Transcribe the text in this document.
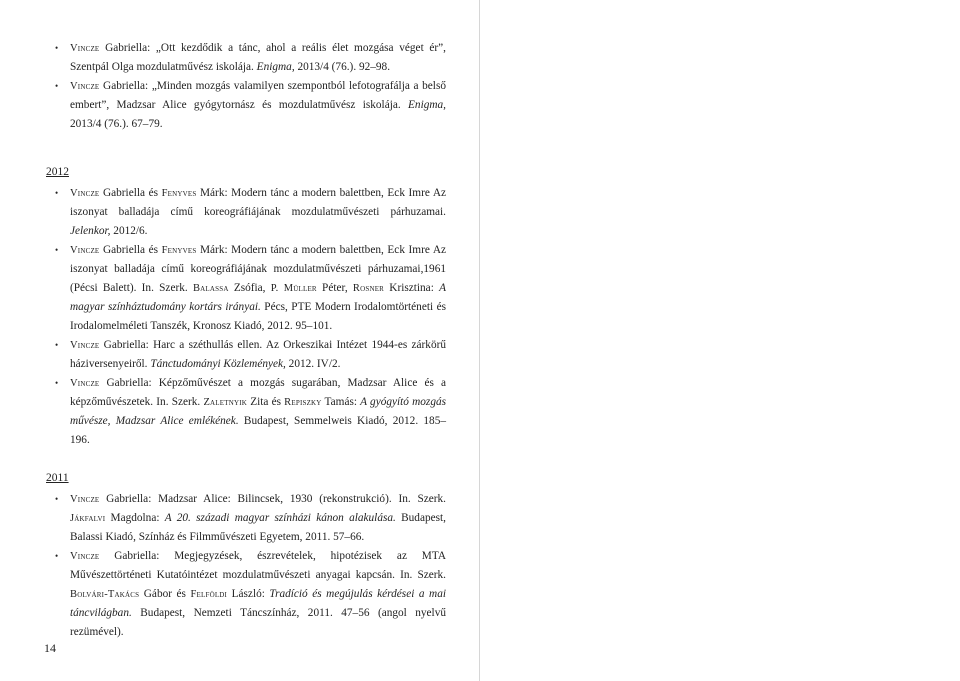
• Vincze Gabriella: „Ott kezdődik a tánc, ahol a reális élet mozgása véget ér”, Szentpál Olga mozdulatművész iskolája. Enigma, 2013/4 (76.). 92–98.
• Vincze Gabriella: „Minden mozgás valamilyen szempontból lefotografálja a belső embert”, Madzsar Alice gyógytornász és mozdulatművész iskolája. Enigma, 2013/4 (76.). 67–79.

2012

• Vincze Gabriella és Fenyves Márk: Modern tánc a modern balettben, Eck Imre Az iszonyat balladája című koreográfiájának mozdulatművészeti párhuzamai. Jelenkor, 2012/6.
• Vincze Gabriella és Fenyves Márk: Modern tánc a modern balettben, Eck Imre Az iszonyat balladája című koreográfiájának mozdulatművészeti párhuzamai,1961 (Pécsi Balett). In. Szerk. Balassa Zsófia, P. Müller Péter, Rosner Krisztina: A magyar színháztudomány kortárs irányai. Pécs, PTE Modern Irodalomtörténeti és Irodalomelméleti Tanszék, Kronosz Kiadó, 2012. 95–101.
• Vincze Gabriella: Harc a széthullás ellen. Az Orkeszikai Intézet 1944-es zárkörű háziversenyeiről. Tánctudományi Közlemények, 2012. IV/2.
• Vincze Gabriella: Képzőművészet a mozgás sugarában, Madzsar Alice és a képzőművészetek. In. Szerk. Zaletnyik Zita és Repiszky Tamás: A gyógyító mozgás művésze, Madzsar Alice emlékének. Budapest, Semmelweis Kiadó, 2012. 185–196.

2011

• Vincze Gabriella: Madzsar Alice: Bilincsek, 1930 (rekonstrukció). In. Szerk. Jákfalvi Magdolna: A 20. századi magyar színházi kánon alakulása. Budapest, Balassi Kiadó, Színház és Filmművészeti Egyetem, 2011. 57–66.
• Vincze Gabriella: Megjegyzések, észrevételek, hipotézisek az MTA Művészettörténeti Kutatóintézet mozdulatművészeti anyagai kapcsán. In. Szerk. Bolvári-Takács Gábor és Felföldi László: Tradíció és megújulás kérdései a mai táncvilágban. Budapest, Nemzeti Táncszínház, 2011. 47–56 (angol nyelvű rezümével).
14
